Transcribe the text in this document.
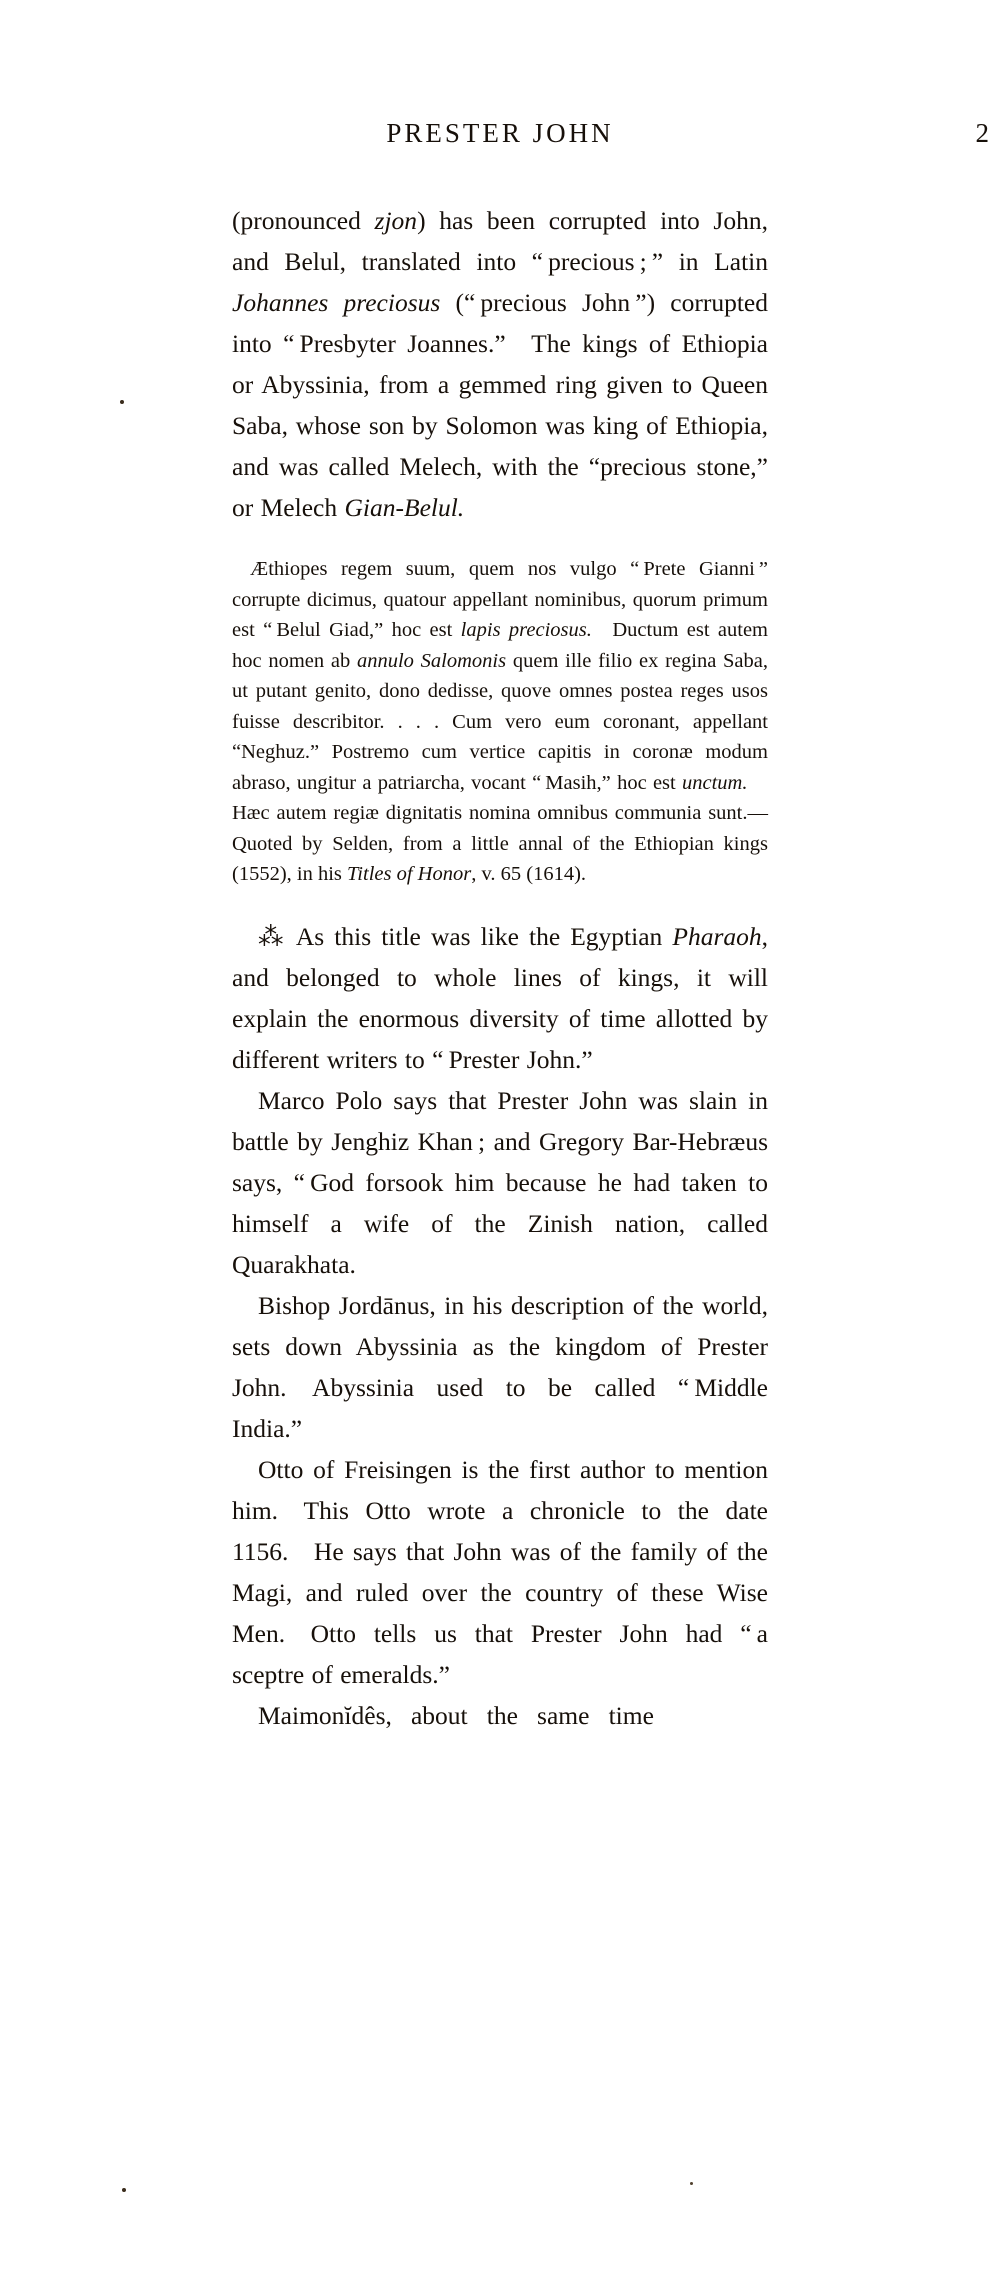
PRESTER JOHN	2

(pronounced zjon) has been corrupted into John, and Belul, translated into “ precious ; ” in Latin Johannes preciosus (“ precious John ”) corrupted into “ Presbyter Joannes.” The kings of Ethiopia or Abyssinia, from a gemmed ring given to Queen Saba, whose son by Solomon was king of Ethiopia, and was called Melech, with the “precious stone,” or Melech Gian-Belul.

Æthiopes regem suum, quem nos vulgo “ Prete Gianni ” corrupte dicimus, quatour appellant nominibus, quorum primum est “ Belul Giad,” hoc est lapis preciosus. Ductum est autem hoc nomen ab annulo Salomonis quem ille filio ex regina Saba, ut putant genito, dono dedisse, quove omnes postea reges usos fuisse describitor. . . . Cum vero eum coronant, appellant “Neghuz.” Postremo cum vertice capitis in coronæ modum abraso, ungitur a patriarcha, vocant “ Masih,” hoc est unctum. Hæc autem regiæ dignitatis nomina omnibus communia sunt.—Quoted by Selden, from a little annal of the Ethiopian kings (1552), in his Titles of Honor, v. 65 (1614).

⁂ As this title was like the Egyptian Pharaoh, and belonged to whole lines of kings, it will explain the enormous diversity of time allotted by different writers to “ Prester John.”

Marco Polo says that Prester John was slain in battle by Jenghiz Khan ; and Gregory Bar-Hebræus says, “ God forsook him because he had taken to himself a wife of the Zinish nation, called Quarakhata.

Bishop Jordānus, in his description of the world, sets down Abyssinia as the kingdom of Prester John. Abyssinia used to be called “ Middle India.”

Otto of Freisingen is the first author to mention him. This Otto wrote a chronicle to the date 1156. He says that John was of the family of the Magi, and ruled over the country of these Wise Men. Otto tells us that Prester John had “ a sceptre of emeralds.”

Maimonĭdês, about the same time
